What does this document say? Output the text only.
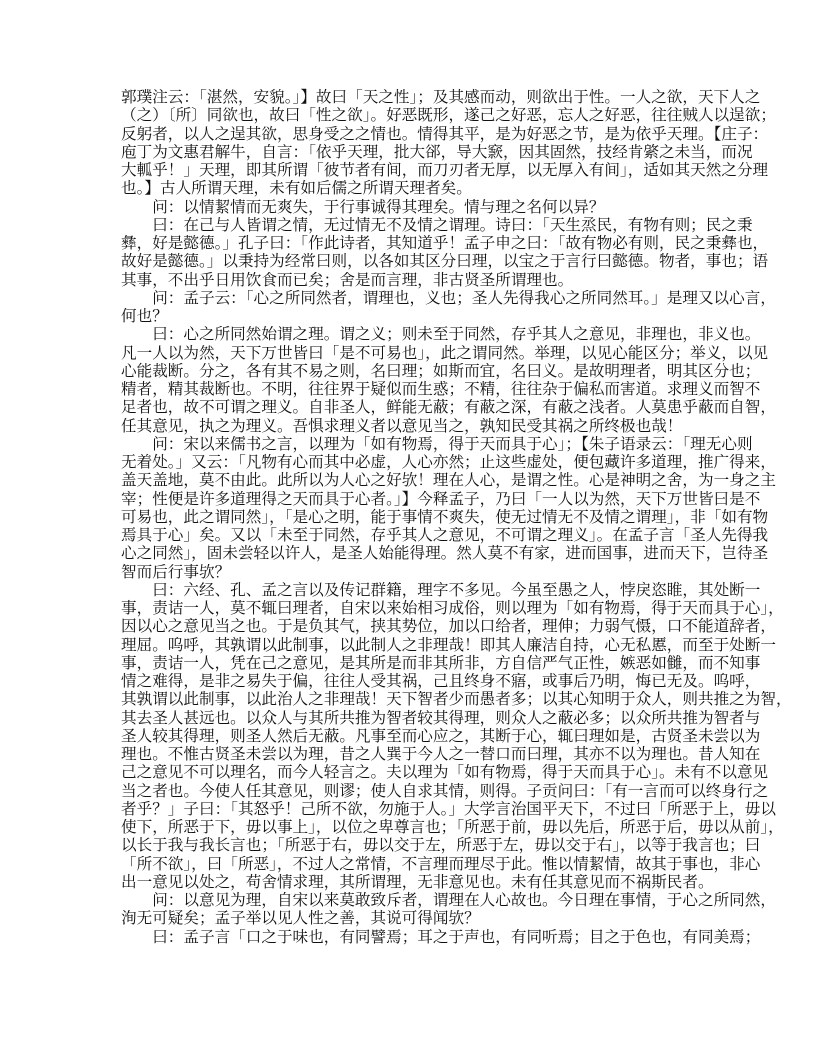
郭璞注云：「湛然，安貌。」】故曰「天之性」；及其感而动，则欲出于性。一人之欲，天下人之
（之）〔所〕同欲也，故曰「性之欲」。好恶既形，遂己之好恶，忘人之好恶，往往贼人以逞欲；
反躬者，以人之逞其欲，思身受之之情也。情得其平，是为好恶之节，是为依乎天理。【庄子：
庖丁为文惠君解牛，自言：「依乎天理，批大郤，导大窾，因其固然，技经肯綮之未当，而况
大軱乎！」天理，即其所谓「彼节者有间，而刀刃者无厚，以无厚入有间」，适如其天然之分理
也。】古人所谓天理，未有如后儒之所谓天理者矣。
问：以情絜情而无爽失，于行事诚得其理矣。情与理之名何以异？
曰：在己与人皆谓之情，无过情无不及情之谓理。诗曰：「天生烝民，有物有则；民之秉
彝，好是懿德。」孔子曰：「作此诗者，其知道乎！孟子申之曰：「故有物必有则，民之秉彝也，
故好是懿德。」以秉持为经常曰则，以各如其区分曰理，以宝之于言行曰懿德。物者，事也；语
其事，不出乎日用饮食而已矣；舍是而言理，非古贤圣所谓理也。
问：孟子云：「心之所同然者，谓理也，义也；圣人先得我心之所同然耳。」是理又以心言，
何也？
曰：心之所同然始谓之理。谓之义；则未至于同然，存乎其人之意见，非理也，非义也。
凡一人以为然，天下万世皆曰「是不可易也」，此之谓同然。举理，以见心能区分；举义，以见
心能裁断。分之，各有其不易之则，名曰理；如斯而宜，名曰义。是故明理者，明其区分也；
精者，精其裁断也。不明，往往界于疑似而生惑；不精，往往杂于偏私而害道。求理义而智不
足者也，故不可谓之理义。自非圣人，鲜能无蔽；有蔽之深，有蔽之浅者。人莫患乎蔽而自智，
任其意见，执之为理义。吾惧求理义者以意见当之，孰知民受其祸之所终极也哉！
问：宋以来儒书之言，以理为「如有物焉，得于天而具于心」；【朱子语录云：「理无心则
无着处。」又云：「凡物有心而其中必虚，人心亦然；止这些虚处，便包藏许多道理，推广得来，
盖天盖地，莫不由此。此所以为人心之好欤！理在人心，是谓之性。心是神明之舍，为一身之主
宰；性便是许多道理得之天而具于心者。」】今释孟子，乃曰「一人以为然，天下万世皆曰是不
可易也，此之谓同然」，「是心之明，能于事情不爽失，使无过情无不及情之谓理」，非「如有物
焉具于心」矣。又以「未至于同然，存乎其人之意见，不可谓之理义」。在孟子言「圣人先得我
心之同然」，固未尝轻以许人，是圣人始能得理。然人莫不有家，进而国事，进而天下，岂待圣
智而后行事欤？
曰：六经、孔、孟之言以及传记群籍，理字不多见。今虽至愚之人，悖戾恣睢，其处断一
事，责诘一人，莫不辄曰理者，自宋以来始相习成俗，则以理为「如有物焉，得于天而具于心」，
因以心之意见当之也。于是负其气，挟其势位，加以口给者，理伸；力弱气慑，口不能道辞者，
理屈。呜呼，其孰谓以此制事，以此制人之非理哉！即其人廉洁自持，心无私慝，而至于处断一
事，责诘一人，凭在己之意见，是其所是而非其所非，方自信严气正性，嫉恶如雠，而不知事
情之难得，是非之易失于偏，往往人受其祸，己且终身不寤，或事后乃明，悔已无及。呜呼，
其孰谓以此制事，以此治人之非理哉！天下智者少而愚者多；以其心知明于众人，则共推之为智，
其去圣人甚远也。以众人与其所共推为智者较其得理，则众人之蔽必多；以众所共推为智者与
圣人较其得理，则圣人然后无蔽。凡事至而心应之，其断于心，辄曰理如是，古贤圣未尝以为
理也。不惟古贤圣未尝以为理，昔之人巽于今人之一替口而曰理，其亦不以为理也。昔人知在
己之意见不可以理名，而今人轻言之。夫以理为「如有物焉，得于天而具于心」。未有不以意见
当之者也。今使人任其意见，则谬；使人自求其情，则得。子贡问曰：「有一言而可以终身行之
者乎？」子曰：「其怒乎！己所不欲，勿施于人。」大学言治国平天下，不过曰「所恶于上，毋以
使下，所恶于下，毋以事上」，以位之卑尊言也；「所恶于前，毋以先后，所恶于后，毋以从前」，
以长于我与我长言也；「所恶于右，毋以交于左，所恶于左，毋以交于右」，以等于我言也；曰
「所不欲」，曰「所恶」，不过人之常情，不言理而理尽于此。惟以情絜情，故其于事也，非心
出一意见以处之，苟舍情求理，其所谓理，无非意见也。未有任其意见而不祸斯民者。
问：以意见为理，自宋以来莫敢致斥者，谓理在人心故也。今日理在事情，于心之所同然，
洵无可疑矣；孟子举以见人性之善，其说可得闻欤？
曰：孟子言「口之于味也，有同譬焉；耳之于声也，有同听焉；目之于色也，有同美焉；
